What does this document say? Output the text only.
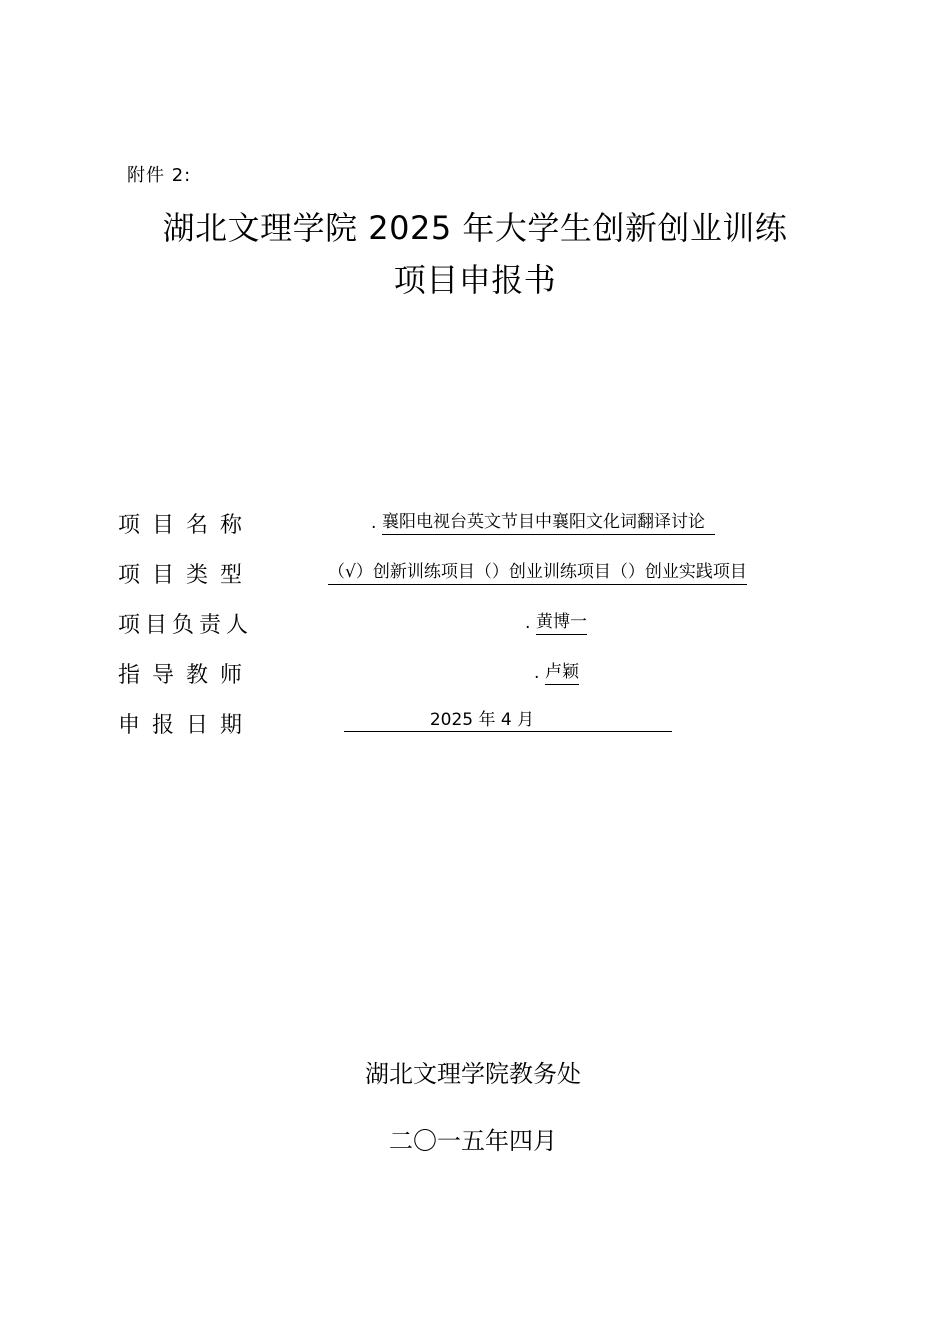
附件 2:
湖北文理学院 2025 年大学生创新创业训练
项目申报书
项目名称	. 襄阳电视台英文节目中襄阳文化词翻译讨论
项目类型	（√）创新训练项目（）创业训练项目（）创业实践项目
项目负责人	. 黄博一
指导教师	. 卢颖
申报日期	2025 年 4 月
湖北文理学院教务处
二〇一五年四月
